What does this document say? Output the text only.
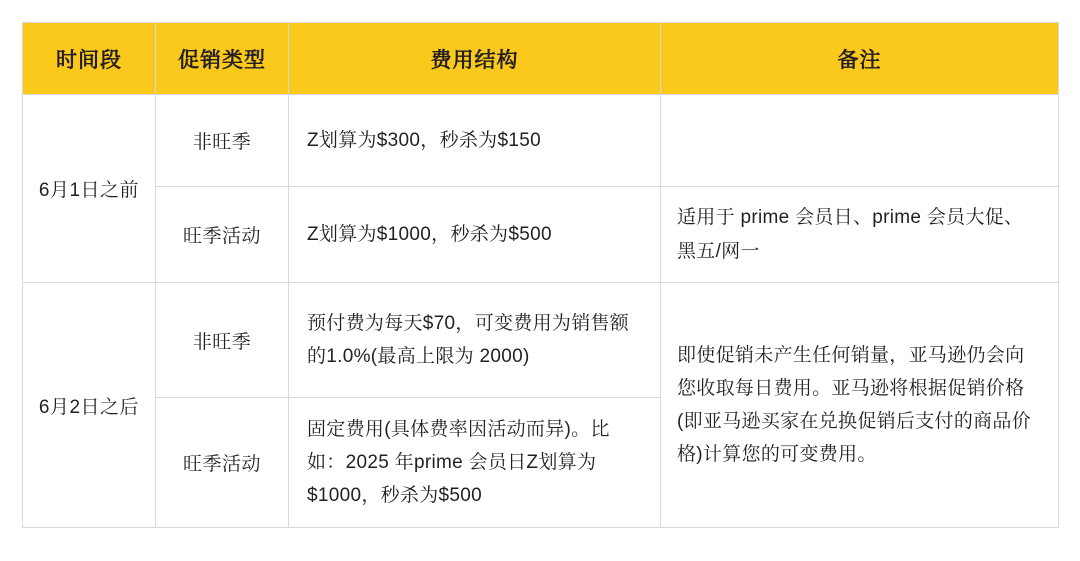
时间段	促销类型	费用结构	备注
6月1日之前	非旺季	Z划算为$300，秒杀为$150	
	旺季活动	Z划算为$1000，秒杀为$500	适用于 prime 会员日、prime 会员大促、黑五/网一
6月2日之后	非旺季	预付费为每天$70，可变费用为销售额的1.0%(最高上限为 2000)	即使促销未产生任何销量，亚马逊仍会向您收取每日费用。亚马逊将根据促销价格(即亚马逊买家在兑换促销后支付的商品价格)计算您的可变费用。
	旺季活动	固定费用(具体费率因活动而异)。比如：2025 年prime 会员日Z划算为$1000，秒杀为$500	
